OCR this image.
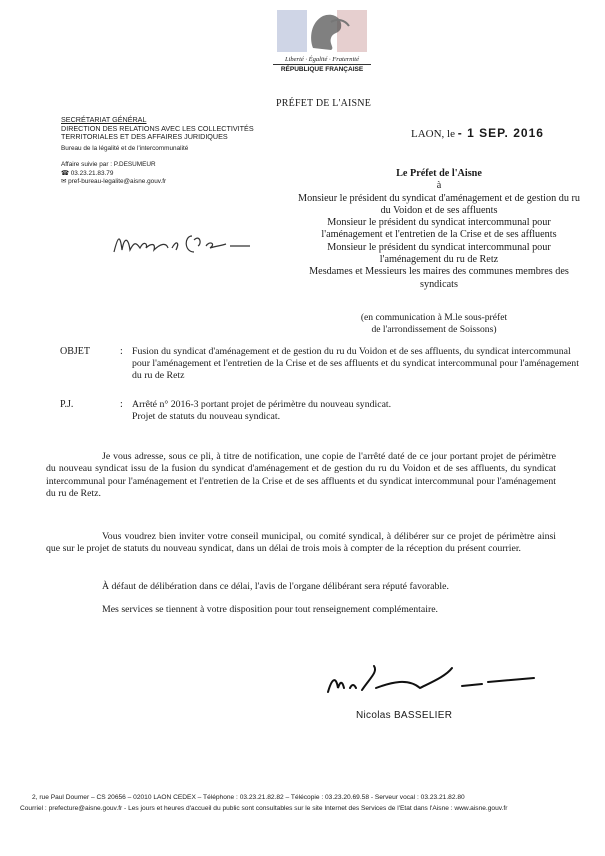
Liberté · Égalité · Fraternité
RÉPUBLIQUE FRANÇAISE
PRÉFET DE L'AISNE
SECRÉTARIAT GÉNÉRAL
DIRECTION DES RELATIONS AVEC LES COLLECTIVITÉS
TERRITORIALES ET DES AFFAIRES JURIDIQUES
Bureau de la légalité et de l'intercommunalité
Affaire suivie par : P.DESUMEUR
☎ 03.23.21.83.79
✉ pref-bureau-legalite@aisne.gouv.fr
LAON, le - 1 SEP. 2016
Le Préfet de l'Aisne
à
Monsieur le président du syndicat d'aménagement et de gestion du ru du Voidon et de ses affluents
Monsieur le président du syndicat intercommunal pour l'aménagement et l'entretien de la Crise et de ses affluents
Monsieur le président du syndicat intercommunal pour l'aménagement du ru de Retz
Mesdames et Messieurs les maires des communes membres des syndicats
(en communication à M.le sous-préfet
de l'arrondissement de Soissons)
OBJET	: Fusion du syndicat d'aménagement et de gestion du ru du Voidon et de ses affluents, du syndicat intercommunal pour l'aménagement et l'entretien de la Crise et de ses affluents et du syndicat intercommunal pour l'aménagement du ru de Retz
P.J.	: Arrêté n° 2016-3 portant projet de périmètre du nouveau syndicat.
Projet de statuts du nouveau syndicat.
Je vous adresse, sous ce pli, à titre de notification, une copie de l'arrêté daté de ce jour portant projet de périmètre du nouveau syndicat issu de la fusion du syndicat d'aménagement et de gestion du ru du Voidon et de ses affluents, du syndicat intercommunal pour l'aménagement et l'entretien de la Crise et de ses affluents et du syndicat intercommunal pour l'aménagement du ru de Retz.
Vous voudrez bien inviter votre conseil municipal, ou comité syndical, à délibérer sur ce projet de périmètre ainsi que sur le projet de statuts du nouveau syndicat, dans un délai de trois mois à compter de la réception du présent courrier.
À défaut de délibération dans ce délai, l'avis de l'organe délibérant sera réputé favorable.
Mes services se tiennent à votre disposition pour tout renseignement complémentaire.
Nicolas BASSELIER
2, rue Paul Doumer – CS 20656 – 02010 LAON CEDEX – Téléphone : 03.23.21.82.82 – Télécopie : 03.23.20.69.58 - Serveur vocal : 03.23.21.82.80
Courriel : prefecture@aisne.gouv.fr - Les jours et heures d'accueil du public sont consultables sur le site Internet des Services de l'Etat dans l'Aisne : www.aisne.gouv.fr
